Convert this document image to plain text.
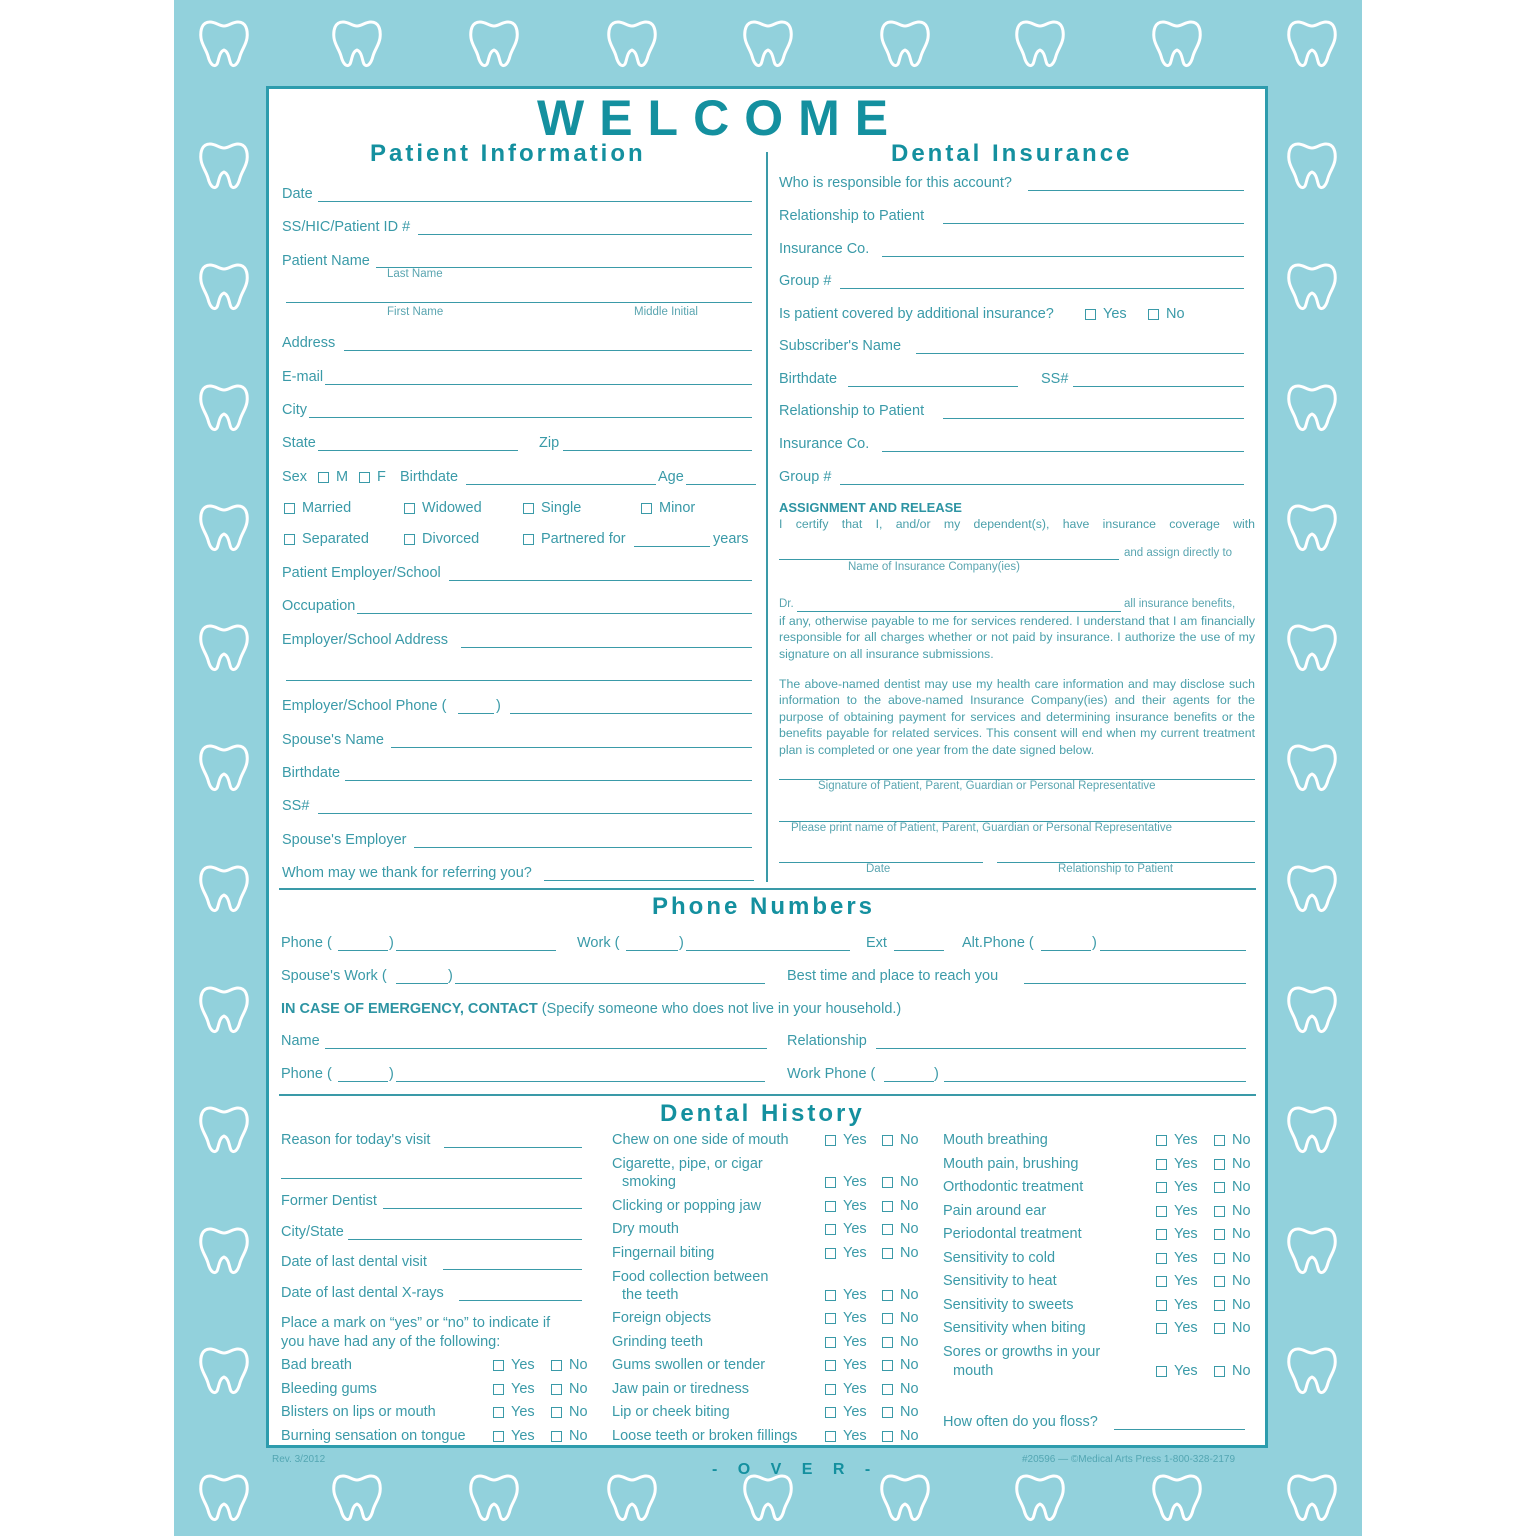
WELCOME
Patient Information	Dental Insurance
Date
SS/HIC/Patient ID #
Patient Name
Last Name
First Name	Middle Initial
Address
E-mail
City
State	Zip
Sex M F Birthdate	Age
Married	Widowed	Single	Minor
Separated	Divorced	Partnered for	years
Patient Employer/School
Occupation
Employer/School Address
Employer/School Phone (	)
Spouse's Name
Birthdate
SS#
Spouse's Employer
Whom may we thank for referring you?
Who is responsible for this account?
Relationship to Patient
Insurance Co.
Group #
Is patient covered by additional insurance?	Yes	No
Subscriber's Name
Birthdate	SS#
Relationship to Patient
Insurance Co.
Group #
ASSIGNMENT AND RELEASE
I certify that I, and/or my dependent(s), have insurance coverage with
and assign directly to
Name of Insurance Company(ies)
Dr.	all insurance benefits,
if any, otherwise payable to me for services rendered. I understand that I am financially responsible for all charges whether or not paid by insurance. I authorize the use of my signature on all insurance submissions.
The above-named dentist may use my health care information and may disclose such information to the above-named Insurance Company(ies) and their agents for the purpose of obtaining payment for services and determining insurance benefits or the benefits payable for related services. This consent will end when my current treatment plan is completed or one year from the date signed below.
Signature of Patient, Parent, Guardian or Personal Representative
Please print name of Patient, Parent, Guardian or Personal Representative
Date	Relationship to Patient
Phone Numbers
Phone (	)	Work (	)	Ext	Alt.Phone (	)
Spouse's Work (	)	Best time and place to reach you
IN CASE OF EMERGENCY, CONTACT (Specify someone who does not live in your household.)
Name	Relationship
Phone (	)	Work Phone (	)
Dental History
Reason for today's visit
Former Dentist
City/State
Date of last dental visit
Date of last dental X-rays
Place a mark on “yes” or “no” to indicate if
you have had any of the following:
Bad breath	Yes No
Bleeding gums	Yes No
Blisters on lips or mouth	Yes No
Burning sensation on tongue	Yes No
Chew on one side of mouth	Yes No
Cigarette, pipe, or cigar
smoking	Yes No
Clicking or popping jaw	Yes No
Dry mouth	Yes No
Fingernail biting	Yes No
Food collection between
the teeth	Yes No
Foreign objects	Yes No
Grinding teeth	Yes No
Gums swollen or tender	Yes No
Jaw pain or tiredness	Yes No
Lip or cheek biting	Yes No
Loose teeth or broken fillings	Yes No
Mouth breathing	Yes No
Mouth pain, brushing	Yes No
Orthodontic treatment	Yes No
Pain around ear	Yes No
Periodontal treatment	Yes No
Sensitivity to cold	Yes No
Sensitivity to heat	Yes No
Sensitivity to sweets	Yes No
Sensitivity when biting	Yes No
Sores or growths in your
mouth	Yes No
How often do you floss?
Rev. 3/2012
- O V E R -
#20596 — ©Medical Arts Press 1-800-328-2179
